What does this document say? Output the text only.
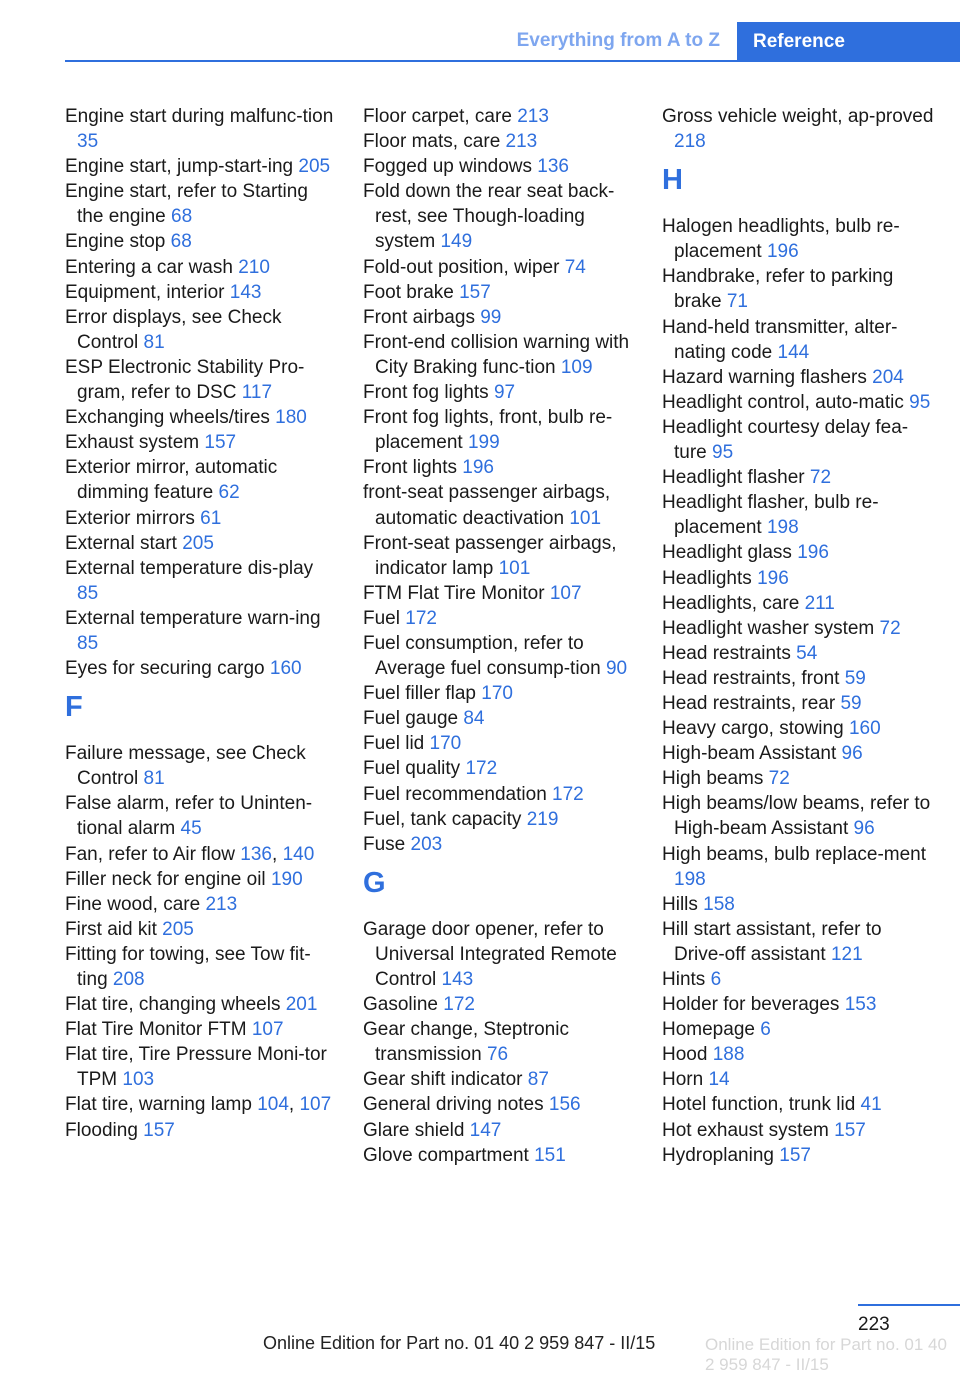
Everything from A to Z	Reference
Engine start during malfunc-tion 35
Engine start, jump-start-ing 205
Engine start, refer to Starting the engine 68
Engine stop 68
Entering a car wash 210
Equipment, interior 143
Error displays, see Check Control 81
ESP Electronic Stability Pro-gram, refer to DSC 117
Exchanging wheels/tires 180
Exhaust system 157
Exterior mirror, automatic dimming feature 62
Exterior mirrors 61
External start 205
External temperature dis-play 85
External temperature warn-ing 85
Eyes for securing cargo 160
F
Failure message, see Check Control 81
False alarm, refer to Uninten-tional alarm 45
Fan, refer to Air flow 136, 140
Filler neck for engine oil 190
Fine wood, care 213
First aid kit 205
Fitting for towing, see Tow fit-ting 208
Flat tire, changing wheels 201
Flat Tire Monitor FTM 107
Flat tire, Tire Pressure Moni-tor TPM 103
Flat tire, warning lamp 104, 107
Flooding 157
Floor carpet, care 213
Floor mats, care 213
Fogged up windows 136
Fold down the rear seat back-rest, see Though-loading system 149
Fold-out position, wiper 74
Foot brake 157
Front airbags 99
Front-end collision warning with City Braking func-tion 109
Front fog lights 97
Front fog lights, front, bulb re-placement 199
Front lights 196
front-seat passenger airbags, automatic deactivation 101
Front-seat passenger airbags, indicator lamp 101
FTM Flat Tire Monitor 107
Fuel 172
Fuel consumption, refer to Average fuel consump-tion 90
Fuel filler flap 170
Fuel gauge 84
Fuel lid 170
Fuel quality 172
Fuel recommendation 172
Fuel, tank capacity 219
Fuse 203
G
Garage door opener, refer to Universal Integrated Remote Control 143
Gasoline 172
Gear change, Steptronic transmission 76
Gear shift indicator 87
General driving notes 156
Glare shield 147
Glove compartment 151
Gross vehicle weight, ap-proved 218
H
Halogen headlights, bulb re-placement 196
Handbrake, refer to parking brake 71
Hand-held transmitter, alter-nating code 144
Hazard warning flashers 204
Headlight control, auto-matic 95
Headlight courtesy delay fea-ture 95
Headlight flasher 72
Headlight flasher, bulb re-placement 198
Headlight glass 196
Headlights 196
Headlights, care 211
Headlight washer system 72
Head restraints 54
Head restraints, front 59
Head restraints, rear 59
Heavy cargo, stowing 160
High-beam Assistant 96
High beams 72
High beams/low beams, refer to High-beam Assistant 96
High beams, bulb replace-ment 198
Hills 158
Hill start assistant, refer to Drive-off assistant 121
Hints 6
Holder for beverages 153
Homepage 6
Hood 188
Horn 14
Hotel function, trunk lid 41
Hot exhaust system 157
Hydroplaning 157
223
Online Edition for Part no. 01 40 2 959 847 - II/15	Online Edition for Part no. 01 40 2 959 847 - II/15
